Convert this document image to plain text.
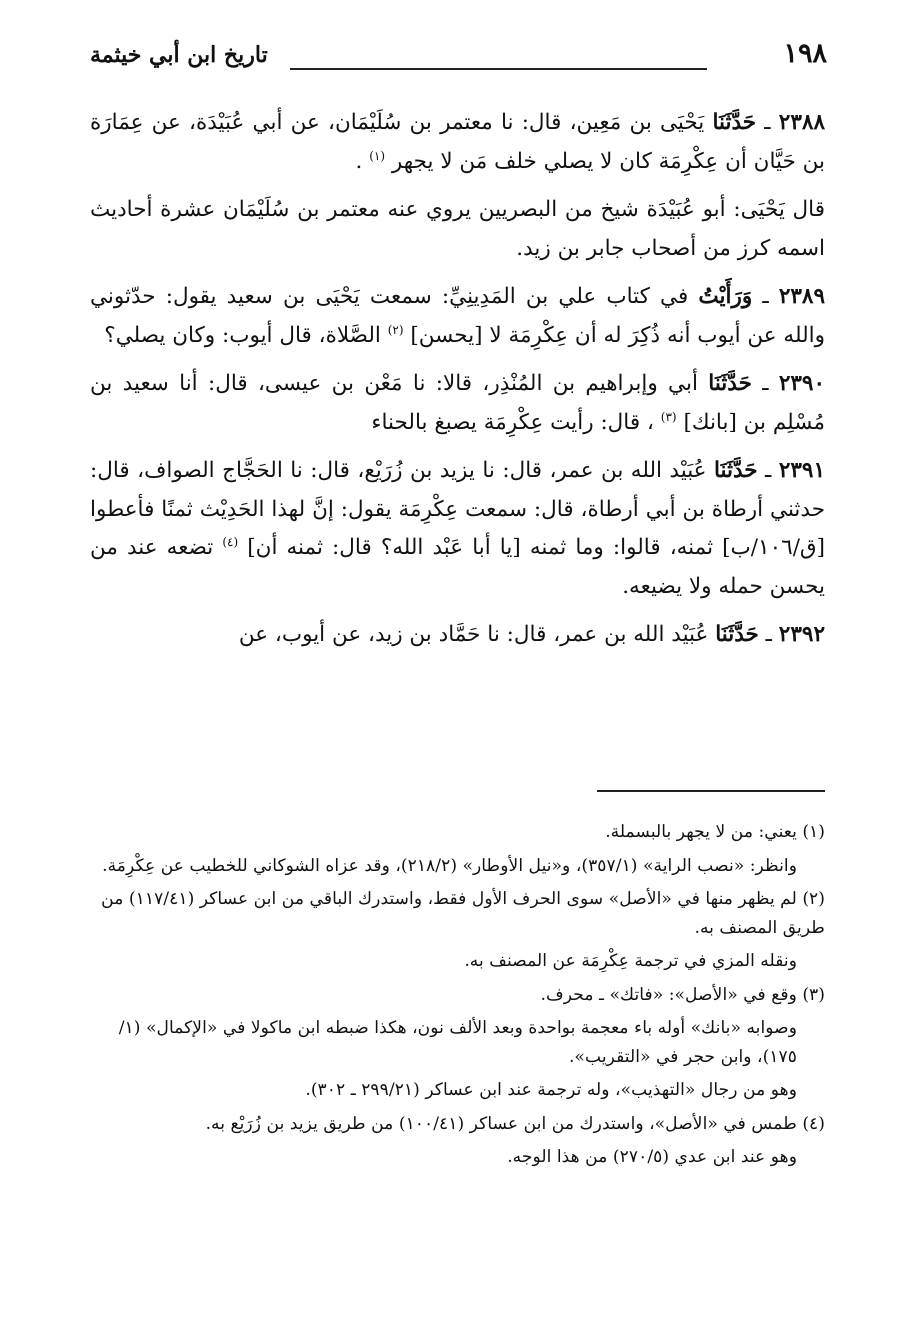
١٩٨
تاريخ ابن أبي خيثمة

٢٣٨٨ ـ حَدَّثَنَا يَحْيَى بن مَعِين، قال: نا معتمر بن سُلَيْمَان، عن أبي عُبَيْدَة، عن عِمَارَة بن حَيَّان أن عِكْرِمَة كان لا يصلي خلف مَن لا يجهر $^{(١)}$ .

قال يَحْيَى: أبو عُبَيْدَة شيخ من البصريين يروي عنه معتمر بن سُلَيْمَان عشرة أحاديث اسمه كرز من أصحاب جابر بن زيد.

٢٣٨٩ ـ وَرَأَيْتُ في كتاب علي بن المَدِينِيِّ: سمعت يَحْيَى بن سعيد يقول: حدّثوني والله عن أيوب أنه ذُكِرَ له أن عِكْرِمَة لا [يحسن] $^{(٢)}$ الصَّلاة، قال أيوب: وكان يصلي؟

٢٣٩٠ ـ حَدَّثَنَا أبي وإبراهيم بن المُنْذِر، قالا: نا مَعْن بن عيسى، قال: أنا سعيد بن مُسْلِم بن [بانك] $^{(٣)}$ ، قال: رأيت عِكْرِمَة يصبغ بالحناء

٢٣٩١ ـ حَدَّثَنَا عُبَيْد الله بن عمر، قال: نا يزيد بن زُرَيْع، قال: نا الحَجَّاج الصواف، قال: حدثني أرطاة بن أبي أرطاة، قال: سمعت عِكْرِمَة يقول: إنَّ لهذا الحَدِيْث ثمنًا فأعطوا [ق/١٠٦/ب] ثمنه، قالوا: وما ثمنه [يا أبا عَبْد الله؟ قال: ثمنه أن] $^{(٤)}$ تضعه عند من يحسن حمله ولا يضيعه.

٢٣٩٢ ـ حَدَّثَنَا عُبَيْد الله بن عمر، قال: نا حَمَّاد بن زيد، عن أيوب، عن

(١) يعني: من لا يجهر بالبسملة.

وانظر: «نصب الراية» (٣٥٧/١)، و«نيل الأوطار» (٢١٨/٢)، وقد عزاه الشوكاني للخطيب عن عِكْرِمَة.

(٢) لم يظهر منها في «الأصل» سوى الحرف الأول فقط، واستدرك الباقي من ابن عساكر (١١٧/٤١) من طريق المصنف به.

ونقله المزي في ترجمة عِكْرِمَة عن المصنف به.

(٣) وقع في «الأصل»: «فاتك» ـ محرف.

وصوابه «بانك» أوله باء معجمة بواحدة وبعد الألف نون، هكذا ضبطه ابن ماكولا في «الإكمال» (١/ ١٧٥)، وابن حجر في «التقريب».

وهو من رجال «التهذيب»، وله ترجمة عند ابن عساكر (٢٩٩/٢١ ـ ٣٠٢).

(٤) طمس في «الأصل»، واستدرك من ابن عساكر (١٠٠/٤١) من طريق يزيد بن زُرَيْع به.

وهو عند ابن عدي (٢٧٠/٥) من هذا الوجه.
